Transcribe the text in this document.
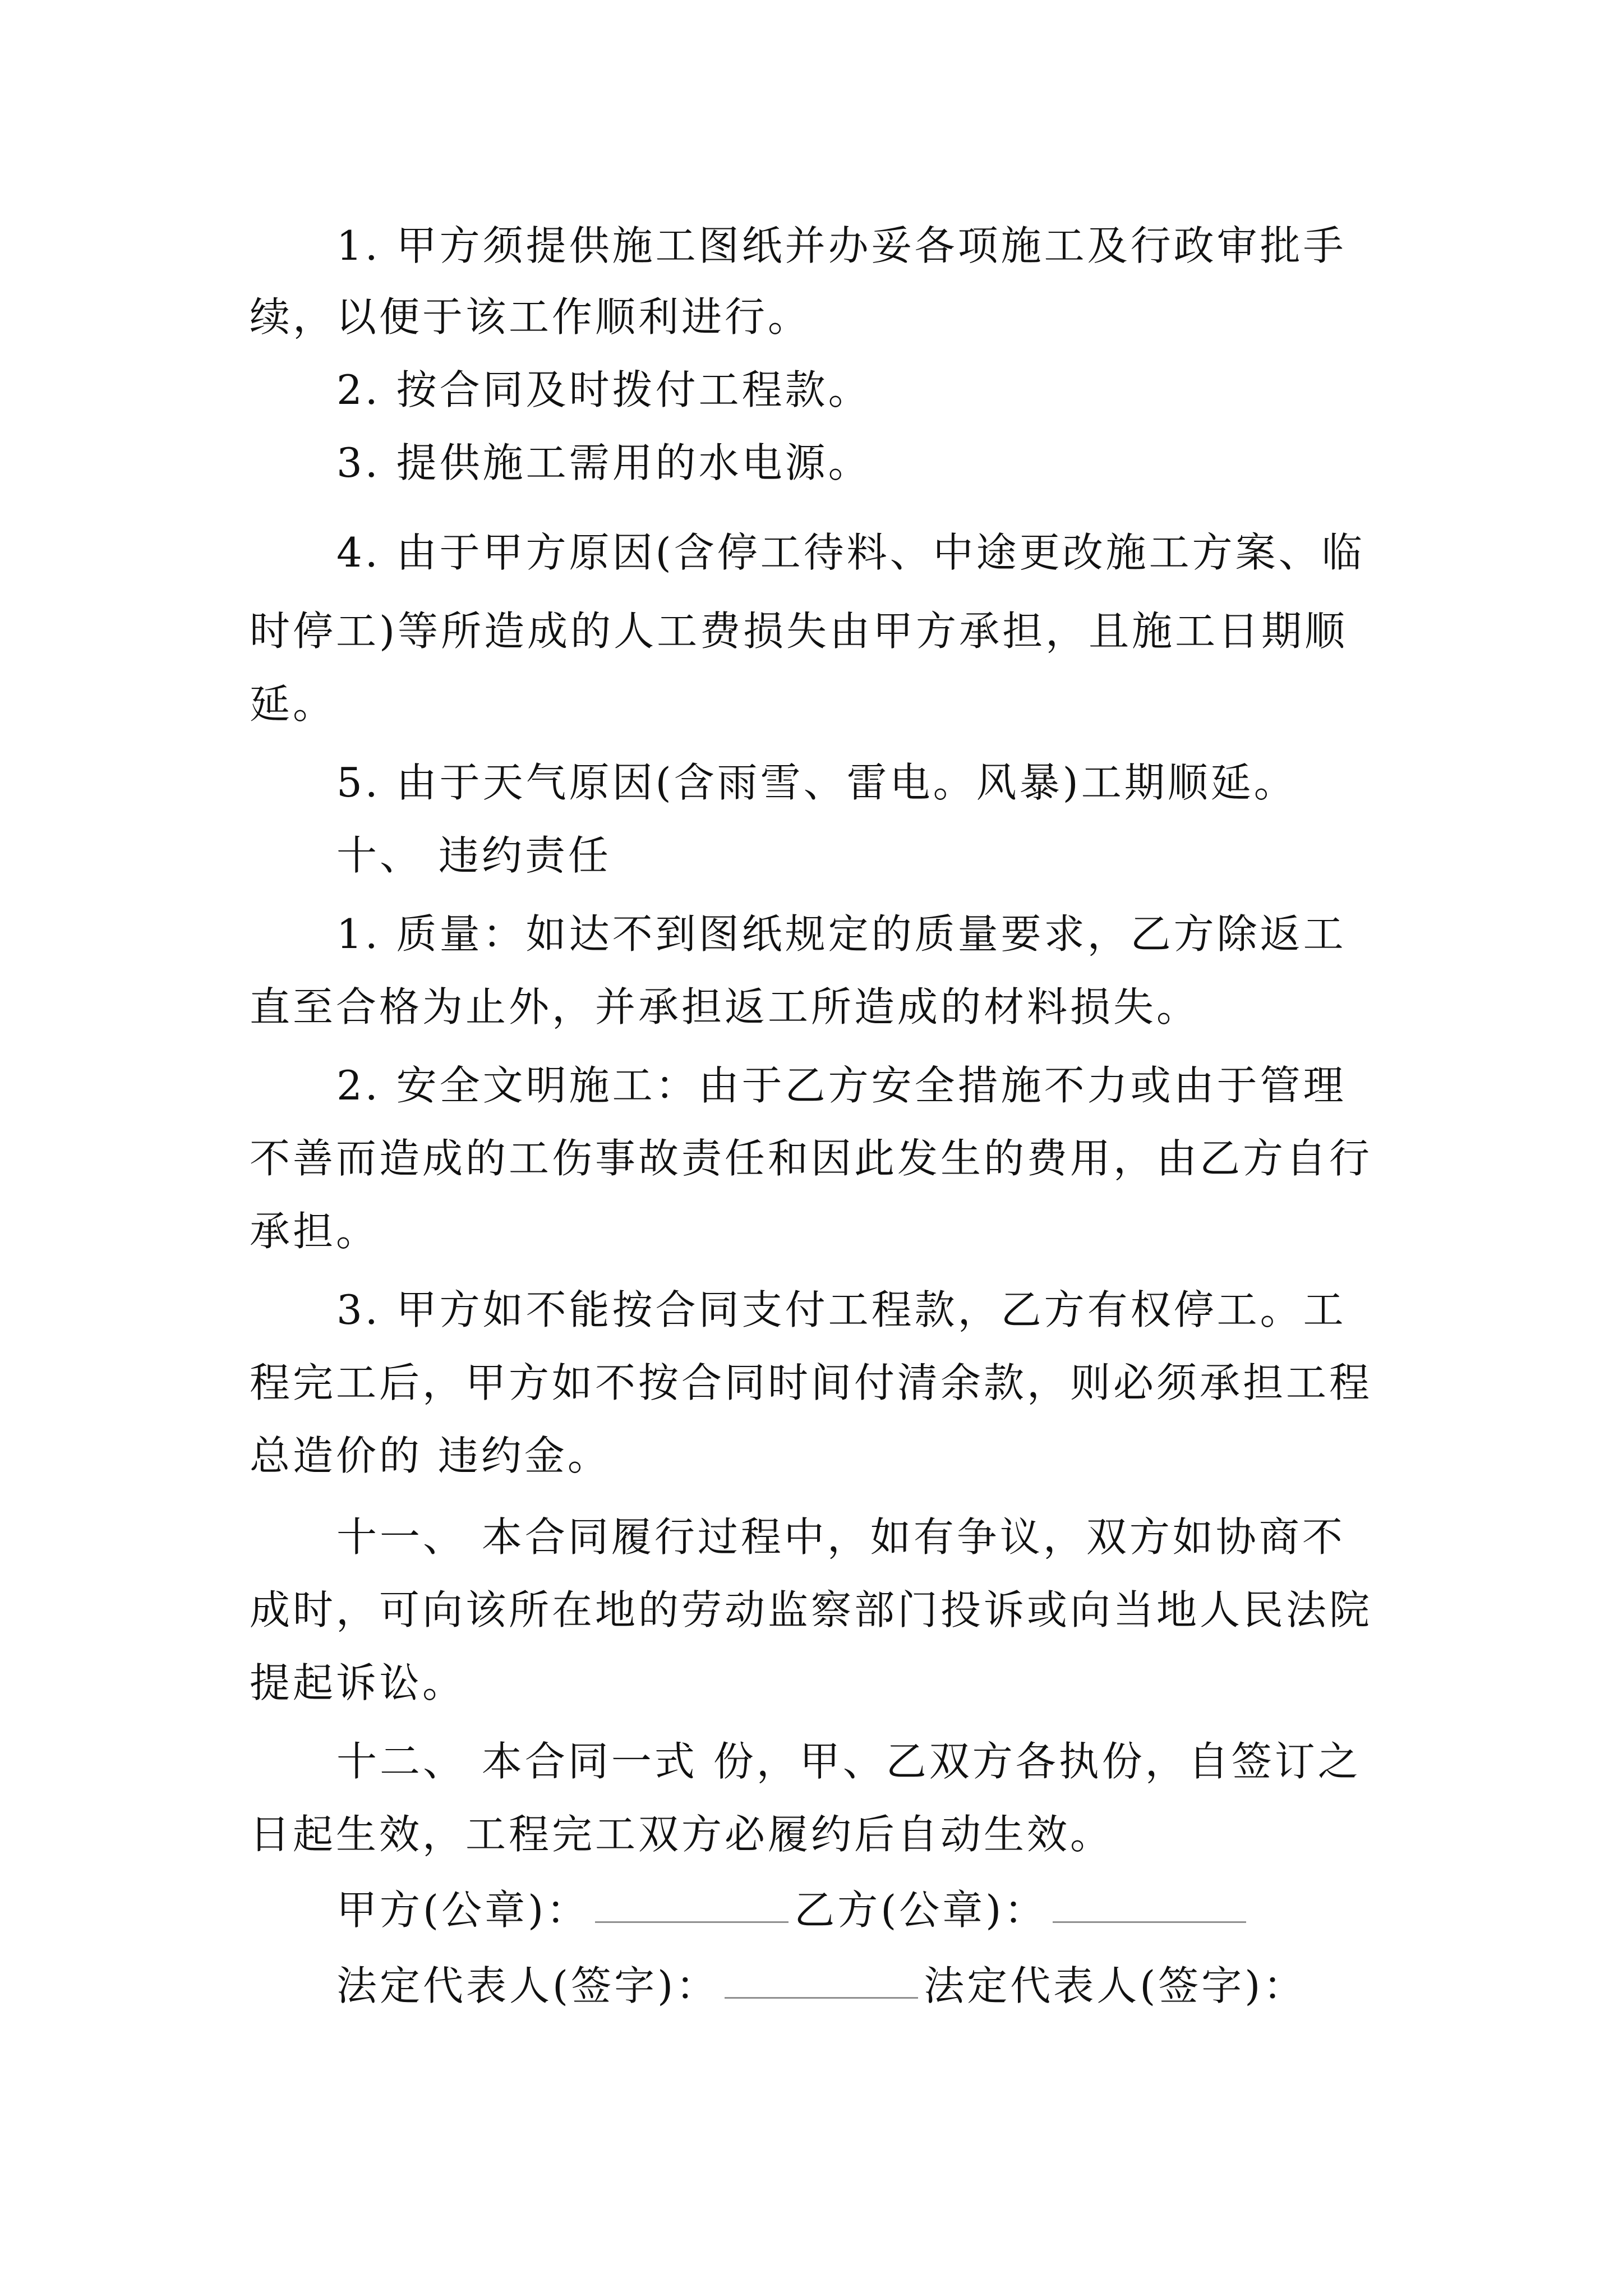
1. 甲方须提供施工图纸并办妥各项施工及行政审批手
续，以便于该工作顺利进行。
2. 按合同及时拨付工程款。
3. 提供施工需用的水电源。
4. 由于甲方原因(含停工待料、中途更改施工方案、临
时停工)等所造成的人工费损失由甲方承担，且施工日期顺
延。
5. 由于天气原因(含雨雪、雷电。风暴)工期顺延。
十、 违约责任
1. 质量：如达不到图纸规定的质量要求，乙方除返工
直至合格为止外，并承担返工所造成的材料损失。
2. 安全文明施工：由于乙方安全措施不力或由于管理
不善而造成的工伤事故责任和因此发生的费用，由乙方自行
承担。
3. 甲方如不能按合同支付工程款，乙方有权停工。工
程完工后，甲方如不按合同时间付清余款，则必须承担工程
总造价的 违约金。
十一、 本合同履行过程中，如有争议，双方如协商不
成时，可向该所在地的劳动监察部门投诉或向当地人民法院
提起诉讼。
十二、 本合同一式 份，甲、乙双方各执份，自签订之
日起生效，工程完工双方必履约后自动生效。
甲方(公章)：	乙方(公章)：
法定代表人(签字)：	法定代表人(签字)：
